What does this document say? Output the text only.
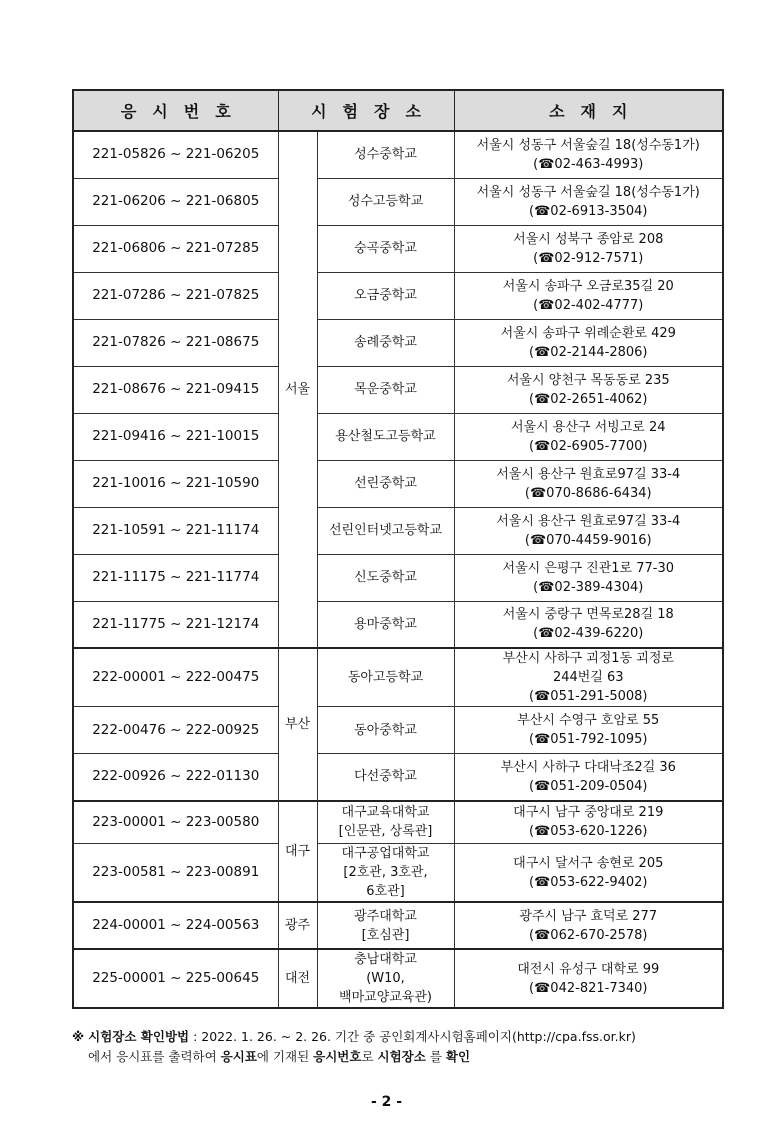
응시번호	시험장소		소재지
221-05826 ~ 221-06205	서울	성수중학교	서울시 성동구 서울숲길 18(성수동1가)
(☎02-463-4993)

221-06206 ~ 221-06805		성수고등학교	서울시 성동구 서울숲길 18(성수동1가)
(☎02-6913-3504)

221-06806 ~ 221-07285		숭곡중학교	서울시 성북구 종암로 208
(☎02-912-7571)

221-07286 ~ 221-07825		오금중학교	서울시 송파구 오금로35길 20
(☎02-402-4777)

221-07826 ~ 221-08675		송례중학교	서울시 송파구 위례순환로 429
(☎02-2144-2806)

221-08676 ~ 221-09415		목운중학교	서울시 양천구 목동동로 235
(☎02-2651-4062)

221-09416 ~ 221-10015		용산철도고등학교	서울시 용산구 서빙고로 24
(☎02-6905-7700)

221-10016 ~ 221-10590		선린중학교	서울시 용산구 원효로97길 33-4
(☎070-8686-6434)

221-10591 ~ 221-11174		선린인터넷고등학교	서울시 용산구 원효로97길 33-4
(☎070-4459-9016)

221-11175 ~ 221-11774		신도중학교	서울시 은평구 진관1로 77-30
(☎02-389-4304)

221-11775 ~ 221-12174		용마중학교	서울시 중랑구 면목로28길 18
(☎02-439-6220)

222-00001 ~ 222-00475	부산	동아고등학교	부산시 사하구 괴정1동 괴정로
244번길 63
(☎051-291-5008)

222-00476 ~ 222-00925		동아중학교	부산시 수영구 호암로 55
(☎051-792-1095)

222-00926 ~ 222-01130		다선중학교	부산시 사하구 다대낙조2길 36
(☎051-209-0504)

223-00001 ~ 223-00580	대구	대구교육대학교
[인문관, 상록관]	대구시 남구 중앙대로 219
(☎053-620-1226)

223-00581 ~ 223-00891		대구공업대학교
[2호관, 3호관,
6호관]	대구시 달서구 송현로 205
(☎053-622-9402)

224-00001 ~ 224-00563	광주	광주대학교
[호심관]	광주시 남구 효덕로 277
(☎062-670-2578)

225-00001 ~ 225-00645	대전	충남대학교
(W10,
백마교양교육관)	대전시 유성구 대학로 99
(☎042-821-7340)
※ 시험장소 확인방법 : 2022. 1. 26. ~ 2. 26. 기간 중 공인회계사시험홈페이지(http://cpa.fss.or.kr)
에서 응시표를 출력하여 응시표에 기재된 응시번호로 시험장소 를 확인
- 2 -
